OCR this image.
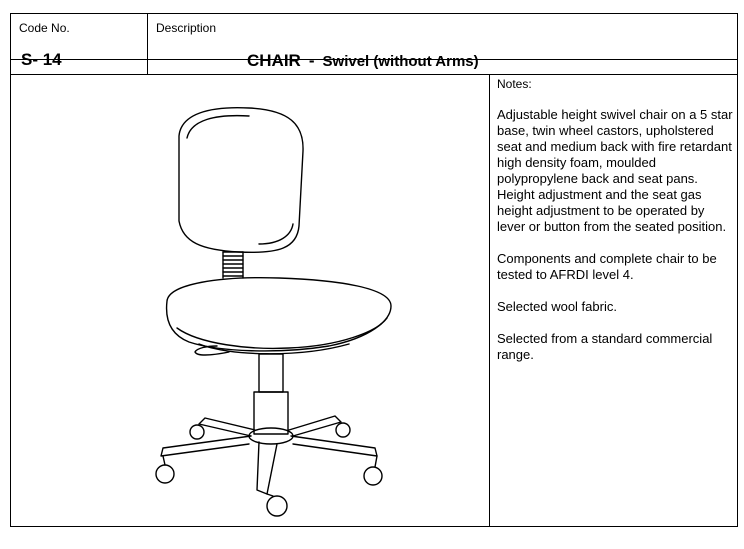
Code No.	Description
S- 14	CHAIR - Swivel (without Arms)
Notes:

Adjustable height swivel chair on a 5 star base, twin wheel castors, upholstered seat and medium back with fire retardant high density foam, moulded polypropylene back and seat pans.
Height adjustment and the seat gas height adjustment to be operated by lever or button from the seated position.

Components and complete chair to be tested to AFRDI level 4.

Selected wool fabric.

Selected from a standard commercial range.
